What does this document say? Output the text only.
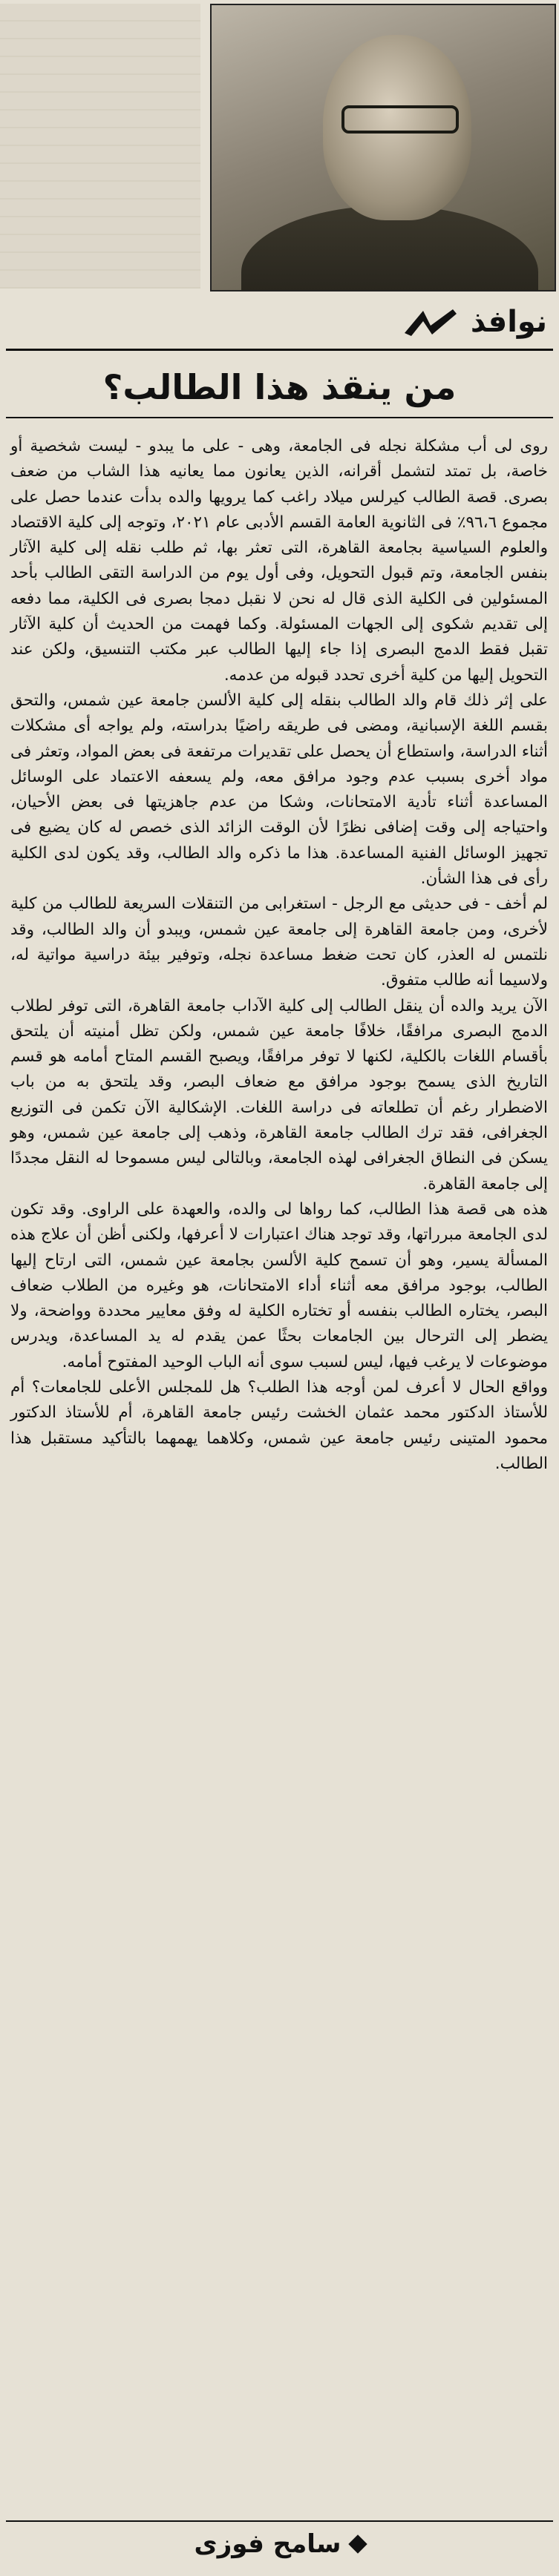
نوافذ
من ينقذ هذا الطالب؟

روى لى أب مشكلة نجله فى الجامعة، وهى - على ما يبدو - ليست شخصية أو خاصة، بل تمتد لتشمل أقرانه، الذين يعانون مما يعانيه هذا الشاب من ضعف بصرى. قصة الطالب كيرلس ميلاد راغب كما يرويها والده بدأت عندما حصل على مجموع ٩٦،٦٪ فى الثانوية العامة القسم الأدبى عام ٢٠٢١، وتوجه إلى كلية الاقتصاد والعلوم السياسية بجامعة القاهرة، التى تعثر بها، ثم طلب نقله إلى كلية الآثار بنفس الجامعة، وتم قبول التحويل، وفى أول يوم من الدراسة التقى الطالب بأحد المسئولين فى الكلية الذى قال له نحن لا نقبل دمجا بصرى فى الكلية، مما دفعه إلى تقديم شكوى إلى الجهات المسئولة. وكما فهمت من الحديث أن كلية الآثار تقبل فقط الدمج البصرى إذا جاء إليها الطالب عبر مكتب التنسيق، ولكن عند التحويل إليها من كلية أخرى تحدد قبوله من عدمه.

على إثر ذلك قام والد الطالب بنقله إلى كلية الألسن جامعة عين شمس، والتحق بقسم اللغة الإسبانية، ومضى فى طريقه راضيًا بدراسته، ولم يواجه أى مشكلات أثناء الدراسة، واستطاع أن يحصل على تقديرات مرتفعة فى بعض المواد، وتعثر فى مواد أخرى بسبب عدم وجود مرافق معه، ولم يسعفه الاعتماد على الوسائل المساعدة أثناء تأدية الامتحانات، وشكا من عدم جاهزيتها فى بعض الأحيان، واحتياجه إلى وقت إضافى نظرًا لأن الوقت الزائد الذى خصص له كان يضيع فى تجهيز الوسائل الفنية المساعدة. هذا ما ذكره والد الطالب، وقد يكون لدى الكلية رأى فى هذا الشأن.

لم أخف - فى حديثى مع الرجل - استغرابى من التنقلات السريعة للطالب من كلية لأخرى، ومن جامعة القاهرة إلى جامعة عين شمس، ويبدو أن والد الطالب، وقد نلتمس له العذر، كان تحت ضغط مساعدة نجله، وتوفير بيئة دراسية مواتية له، ولاسيما أنه طالب متفوق.

الآن يريد والده أن ينقل الطالب إلى كلية الآداب جامعة القاهرة، التى توفر لطلاب الدمج البصرى مرافقًا، خلافًا جامعة عين شمس، ولكن تظل أمنيته أن يلتحق بأقسام اللغات بالكلية، لكنها لا توفر مرافقًا، ويصبح القسم المتاح أمامه هو قسم التاريخ الذى يسمح بوجود مرافق مع ضعاف البصر، وقد يلتحق به من باب الاضطرار رغم أن تطلعاته فى دراسة اللغات. الإشكالية الآن تكمن فى التوزيع الجغرافى، فقد ترك الطالب جامعة القاهرة، وذهب إلى جامعة عين شمس، وهو يسكن فى النطاق الجغرافى لهذه الجامعة، وبالتالى ليس مسموحا له النقل مجددًا إلى جامعة القاهرة.

هذه هى قصة هذا الطالب، كما رواها لى والده، والعهدة على الراوى. وقد تكون لدى الجامعة مبرراتها، وقد توجد هناك اعتبارات لا أعرفها، ولكنى أظن أن علاج هذه المسألة يسير، وهو أن تسمح كلية الألسن بجامعة عين شمس، التى ارتاح إليها الطالب، بوجود مرافق معه أثناء أداء الامتحانات، هو وغيره من الطلاب ضعاف البصر، يختاره الطالب بنفسه أو تختاره الكلية له وفق معايير محددة وواضحة، ولا يضطر إلى الترحال بين الجامعات بحثًا عمن يقدم له يد المساعدة، ويدرس موضوعات لا يرغب فيها، ليس لسبب سوى أنه الباب الوحيد المفتوح أمامه.

وواقع الحال لا أعرف لمن أوجه هذا الطلب؟ هل للمجلس الأعلى للجامعات؟ أم للأستاذ الدكتور محمد عثمان الخشت رئيس جامعة القاهرة، أم للأستاذ الدكتور محمود المتينى رئيس جامعة عين شمس، وكلاهما يهمهما بالتأكيد مستقبل هذا الطالب.

سامح فوزى
